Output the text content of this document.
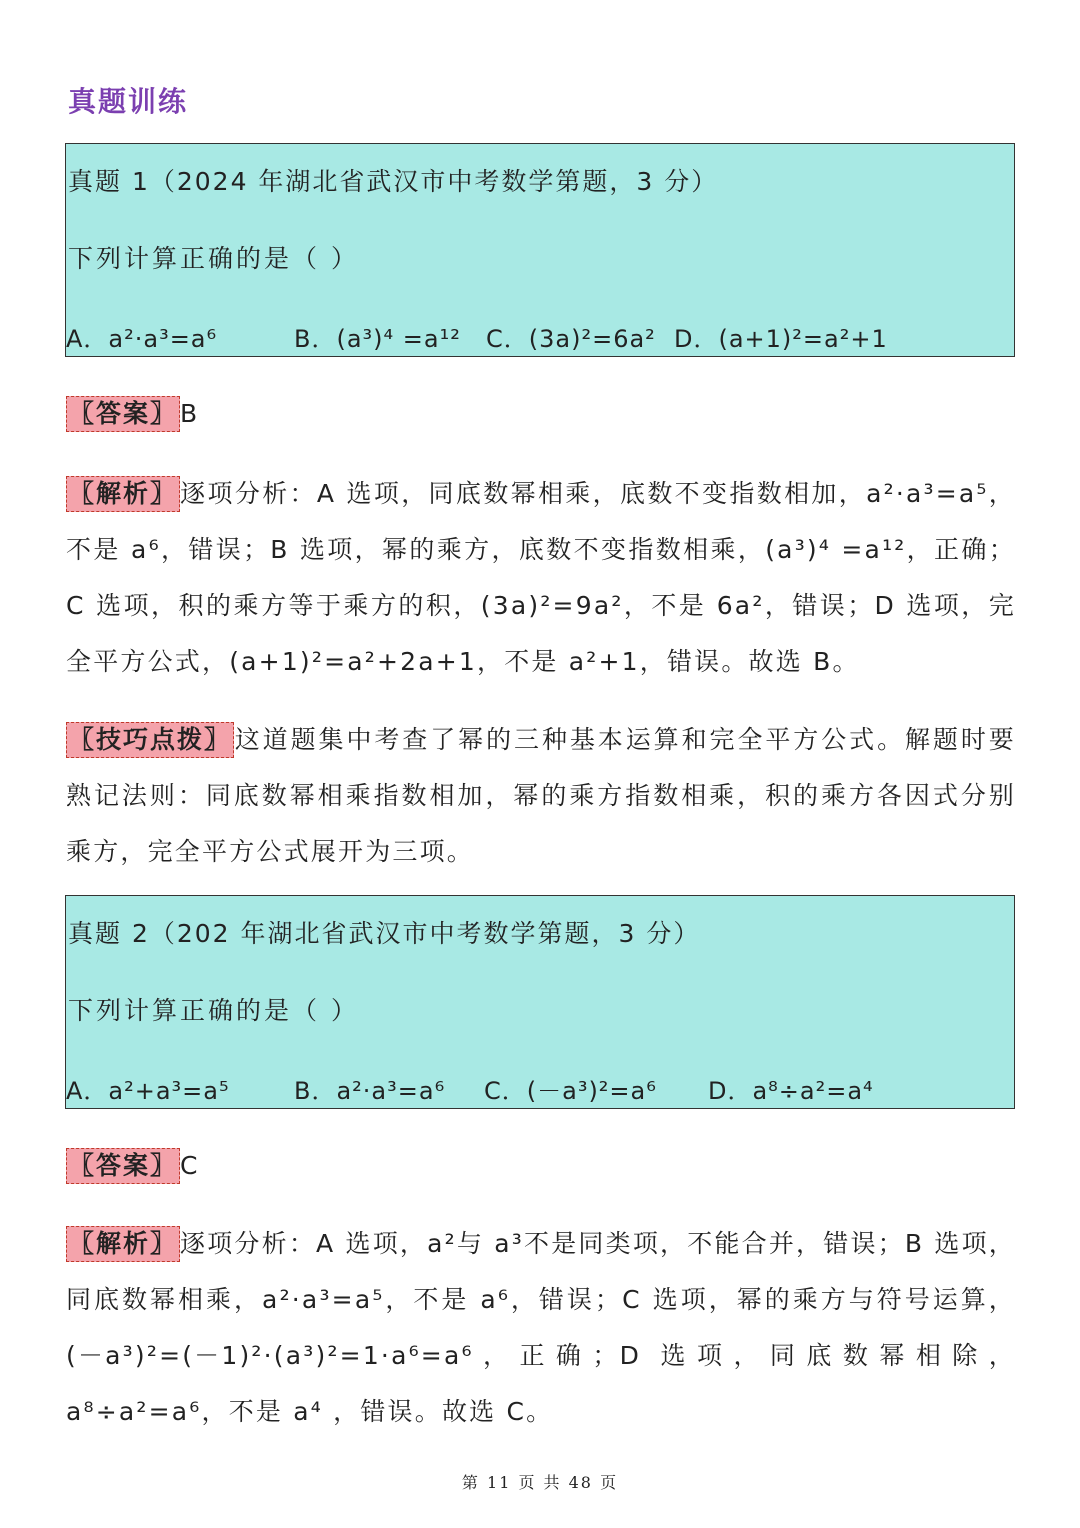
真题训练
真题 1（2024 年湖北省武汉市中考数学第题，3 分）
下列计算正确的是（ ）
A．a²·a³=a⁶	B．(a³)⁴ =a¹² C．(3a)²=6a² D．(a+1)²=a²+1
〖答案〗 B
〖解析〗 逐项分析：A 选项，同底数幂相乘，底数不变指数相加，a²·a³=a⁵，不是 a⁶，错误；B 选项，幂的乘方，底数不变指数相乘，(a³)⁴ =a¹²，正确；C 选项，积的乘方等于乘方的积，(3a)²=9a²，不是 6a²，错误；D 选项，完全平方公式，(a+1)²=a²+2a+1，不是 a²+1，错误。故选 B。
〖技巧点拨〗 这道题集中考查了幂的三种基本运算和完全平方公式。解题时要熟记法则：同底数幂相乘指数相加，幂的乘方指数相乘，积的乘方各因式分别乘方，完全平方公式展开为三项。
真题 2（202 年湖北省武汉市中考数学第题，3 分）
下列计算正确的是（ ）
A．a²+a³=a⁵	B．a²·a³=a⁶ C．(－a³)²=a⁶ D．a⁸÷a²=a⁴
〖答案〗 C
〖解析〗 逐项分析：A 选项，a²与 a³不是同类项，不能合并，错误；B 选项，同底数幂相乘，a²·a³=a⁵，不是 a⁶，错误；C 选项，幂的乘方与符号运算，(－a³)²=(－1)²·(a³)²=1·a⁶=a⁶，正确；D 选项，同底数幂相除，a⁸÷a²=a⁶，不是 a⁴ ，错误。故选 C。
第 11 页 共 48 页
